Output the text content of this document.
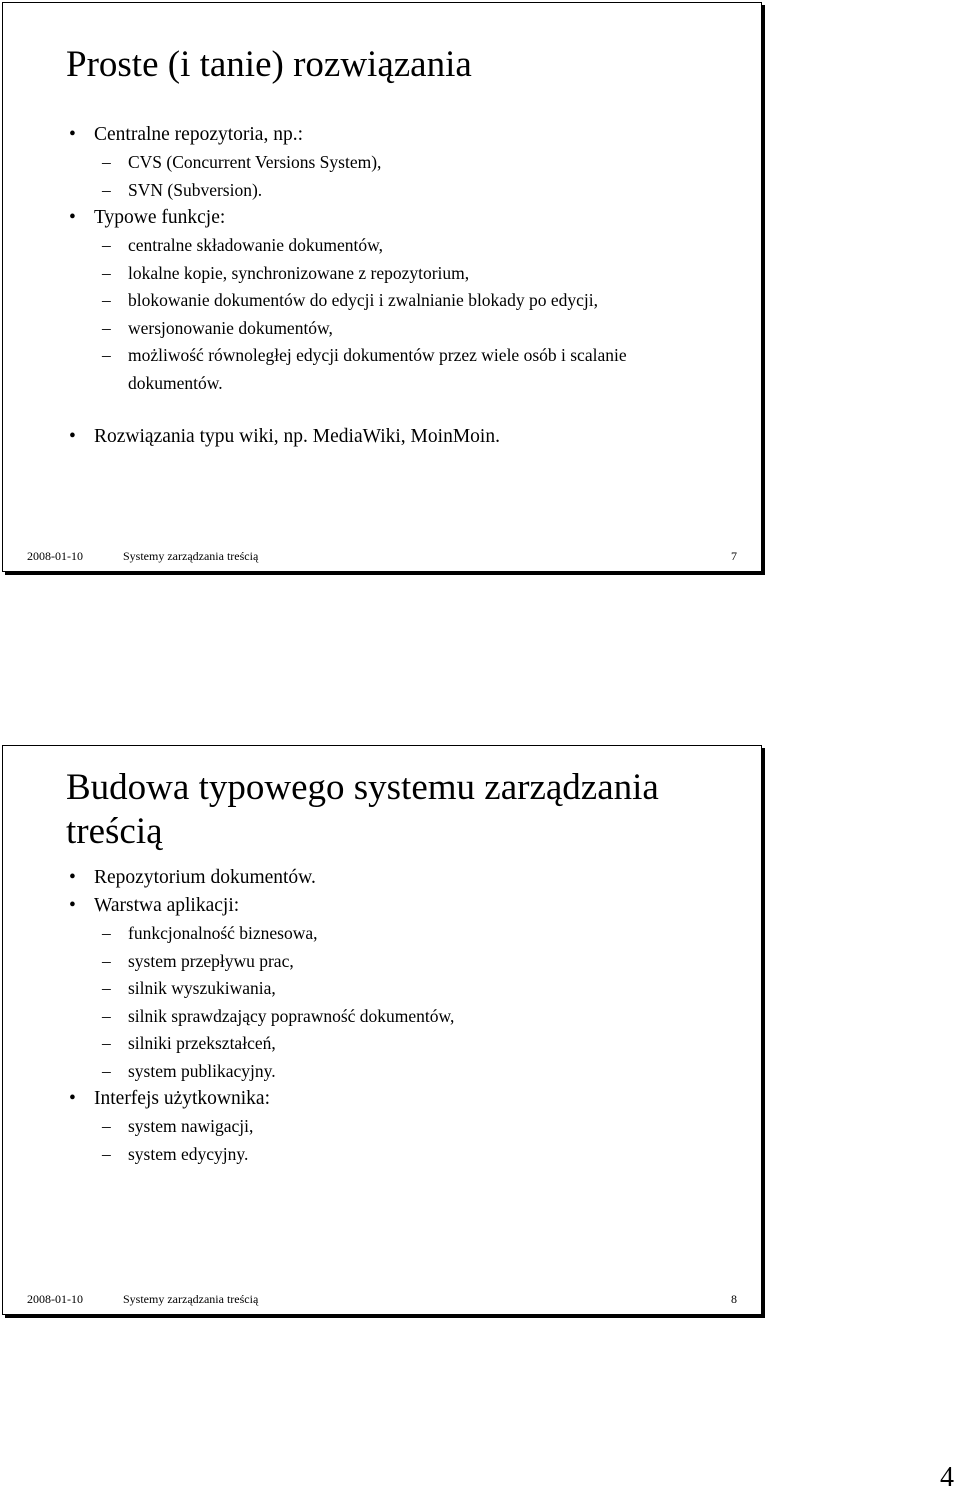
Proste (i tanie) rozwiązania
• Centralne repozytoria, np.:
– CVS (Concurrent Versions System),
– SVN (Subversion).
• Typowe funkcje:
– centralne składowanie dokumentów,
– lokalne kopie, synchronizowane z repozytorium,
– blokowanie dokumentów do edycji i zwalnianie blokady po edycji,
– wersjonowanie dokumentów,
– możliwość równoległej edycji dokumentów przez wiele osób i scalanie dokumentów.
• Rozwiązania typu wiki, np. MediaWiki, MoinMoin.
2008-01-10	Systemy zarządzania treścią	7
Budowa typowego systemu zarządzania treścią
• Repozytorium dokumentów.
• Warstwa aplikacji:
– funkcjonalność biznesowa,
– system przepływu prac,
– silnik wyszukiwania,
– silnik sprawdzający poprawność dokumentów,
– silniki przekształceń,
– system publikacyjny.
• Interfejs użytkownika:
– system nawigacji,
– system edycyjny.
2008-01-10	Systemy zarządzania treścią	8
4
